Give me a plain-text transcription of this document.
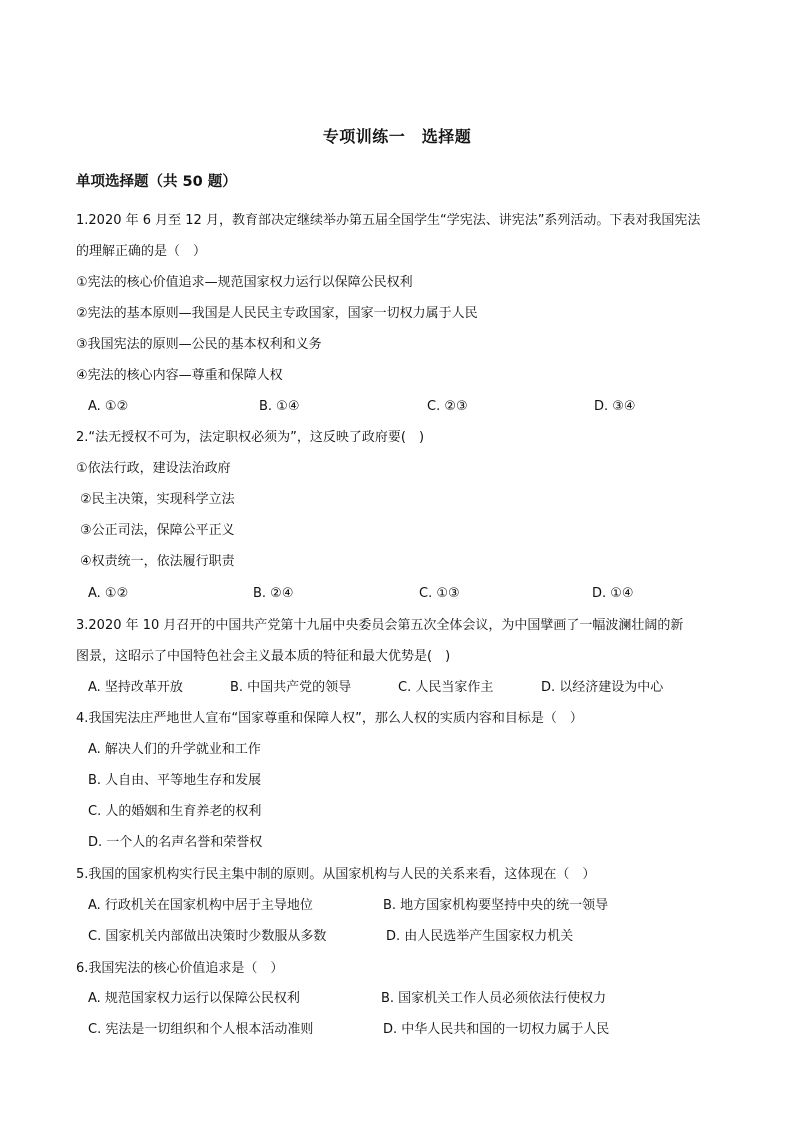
专项训练一　选择题
单项选择题（共 50 题）
1.2020 年 6 月至 12 月，教育部决定继续举办第五届全国学生“学宪法、讲宪法”系列活动。下表对我国宪法
的理解正确的是（　）
①宪法的核心价值追求—规范国家权力运行以保障公民权利
②宪法的基本原则—我国是人民民主专政国家，国家一切权力属于人民
③我国宪法的原则—公民的基本权利和义务
④宪法的核心内容—尊重和保障人权
A. ①②	B. ①④	C. ②③	D. ③④
2.“法无授权不可为，法定职权必须为”，这反映了政府要(　)
①依法行政，建设法治政府
②民主决策，实现科学立法
③公正司法，保障公平正义
④权责统一，依法履行职责
A. ①②	B. ②④	C. ①③	D. ①④
3.2020 年 10 月召开的中国共产党第十九届中央委员会第五次全体会议，为中国擘画了一幅波澜壮阔的新
图景，这昭示了中国特色社会主义最本质的特征和最大优势是(　)
A. 坚持改革开放	B. 中国共产党的领导	C. 人民当家作主	D. 以经济建设为中心
4.我国宪法庄严地世人宣布“国家尊重和保障人权”，那么人权的实质内容和目标是（　）
A. 解决人们的升学就业和工作
B. 人自由、平等地生存和发展
C. 人的婚姻和生育养老的权利
D. 一个人的名声名誉和荣誉权
5.我国的国家机构实行民主集中制的原则。从国家机构与人民的关系来看，这体现在（　）
A. 行政机关在国家机构中居于主导地位	B. 地方国家机构要坚持中央的统一领导
C. 国家机关内部做出决策时少数服从多数	D. 由人民选举产生国家权力机关
6.我国宪法的核心价值追求是（　）
A. 规范国家权力运行以保障公民权利	B. 国家机关工作人员必须依法行使权力
C. 宪法是一切组织和个人根本活动准则	D. 中华人民共和国的一切权力属于人民
